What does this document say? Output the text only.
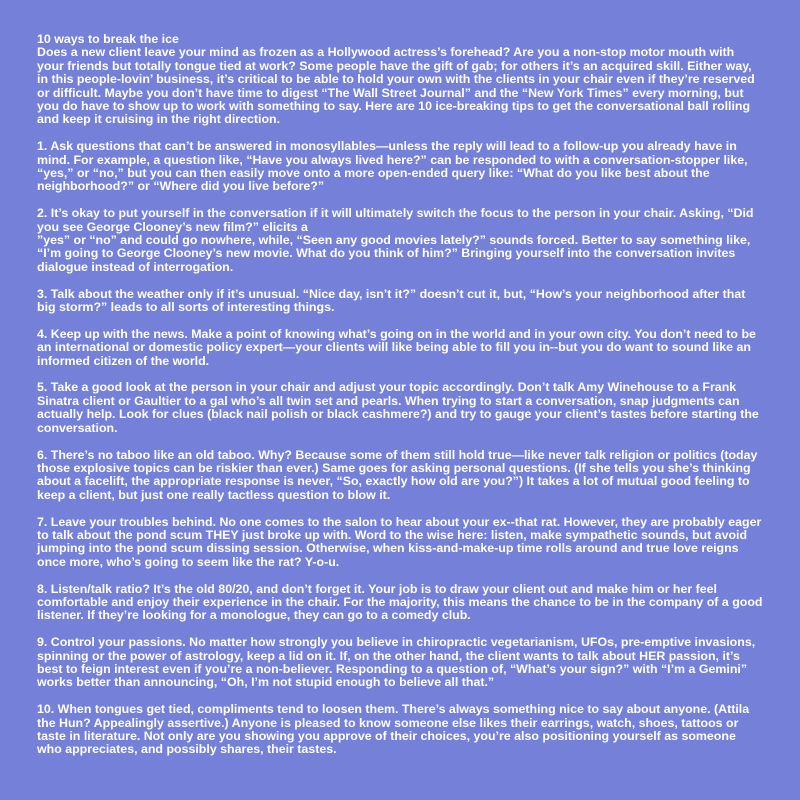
10 ways to break the ice

Does a new client leave your mind as frozen as a Hollywood actress’s forehead? Are you a non-stop motor mouth with your friends but totally tongue tied at work? Some people have the gift of gab; for others it’s an acquired skill. Either way, in this people-lovin’ business, it’s critical to be able to hold your own with the clients in your chair even if they’re reserved or difficult. Maybe you don’t have time to digest “The Wall Street Journal” and the “New York Times” every morning, but you do have to show up to work with something to say. Here are 10 ice-breaking tips to get the conversational ball rolling and keep it cruising in the right direction.

1. Ask questions that can’t be answered in monosyllables—unless the reply will lead to a follow-up you already have in mind. For example, a question like, “Have you always lived here?” can be responded to with a conversation-stopper like, “yes,” or “no,” but you can then easily move onto a more open-ended query like: “What do you like best about the neighborhood?” or “Where did you live before?”

2. It’s okay to put yourself in the conversation if it will ultimately switch the focus to the person in your chair. Asking, “Did you see George Clooney’s new film?” elicits a
”yes” or “no” and could go nowhere, while, “Seen any good movies lately?” sounds forced. Better to say something like, “I’m going to George Clooney’s new movie. What do you think of him?” Bringing yourself into the conversation invites dialogue instead of interrogation.

3. Talk about the weather only if it’s unusual. “Nice day, isn’t it?” doesn’t cut it, but, “How’s your neighborhood after that big storm?” leads to all sorts of interesting things.

4. Keep up with the news. Make a point of knowing what’s going on in the world and in your own city. You don’t need to be an international or domestic policy expert—your clients will like being able to fill you in--but you do want to sound like an informed citizen of the world.

5. Take a good look at the person in your chair and adjust your topic accordingly. Don’t talk Amy Winehouse to a Frank Sinatra client or Gaultier to a gal who’s all twin set and pearls. When trying to start a conversation, snap judgments can actually help. Look for clues (black nail polish or black cashmere?) and try to gauge your client’s tastes before starting the conversation.

6. There’s no taboo like an old taboo. Why? Because some of them still hold true—like never talk religion or politics (today those explosive topics can be riskier than ever.) Same goes for asking personal questions. (If she tells you she’s thinking about a facelift, the appropriate response is never, “So, exactly how old are you?”) It takes a lot of mutual good feeling to keep a client, but just one really tactless question to blow it.

7. Leave your troubles behind. No one comes to the salon to hear about your ex--that rat. However, they are probably eager to talk about the pond scum THEY just broke up with. Word to the wise here: listen, make sympathetic sounds, but avoid jumping into the pond scum dissing session. Otherwise, when kiss-and-make-up time rolls around and true love reigns once more, who’s going to seem like the rat? Y-o-u.

8. Listen/talk ratio? It’s the old 80/20, and don’t forget it. Your job is to draw your client out and make him or her feel comfortable and enjoy their experience in the chair. For the majority, this means the chance to be in the company of a good listener. If they’re looking for a monologue, they can go to a comedy club.

9. Control your passions. No matter how strongly you believe in chiropractic vegetarianism, UFOs, pre-emptive invasions, spinning or the power of astrology, keep a lid on it. If, on the other hand, the client wants to talk about HER passion, it’s best to feign interest even if you’re a non-believer. Responding to a question of, “What’s your sign?” with “I’m a Gemini” works better than announcing, “Oh, I’m not stupid enough to believe all that.”

10. When tongues get tied, compliments tend to loosen them. There’s always something nice to say about anyone. (Attila the Hun? Appealingly assertive.) Anyone is pleased to know someone else likes their earrings, watch, shoes, tattoos or taste in literature. Not only are you showing you approve of their choices, you’re also positioning yourself as someone who appreciates, and possibly shares, their tastes.
